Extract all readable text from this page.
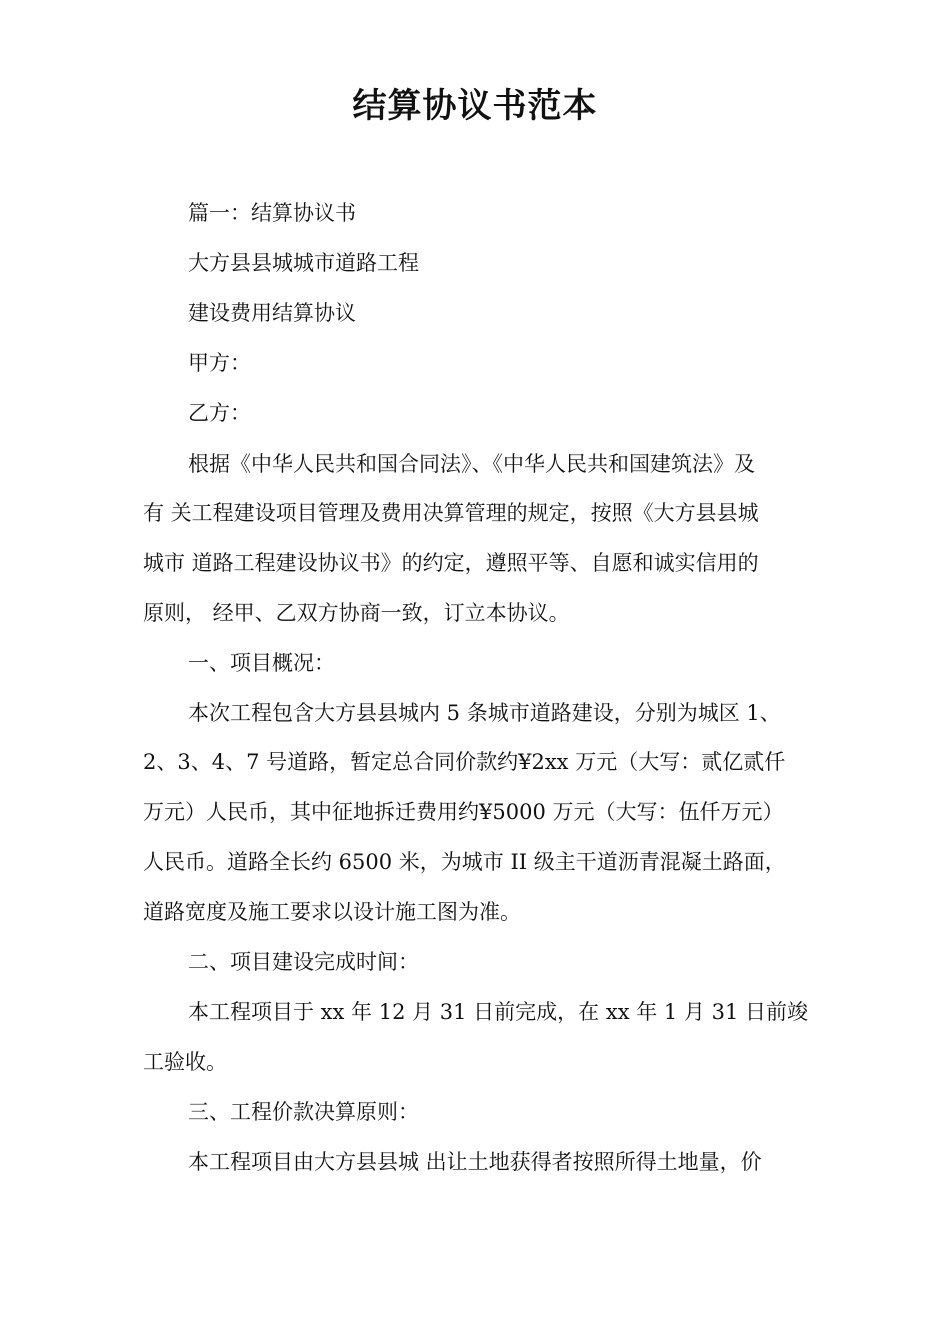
结算协议书范本
篇一：结算协议书
大方县县城城市道路工程
建设费用结算协议
甲方：
乙方：
根据《中华人民共和国合同法》、《中华人民共和国建筑法》及
有 关工程建设项目管理及费用决算管理的规定，按照《大方县县城
城市 道路工程建设协议书》的约定，遵照平等、自愿和诚实信用的
原则， 经甲、乙双方协商一致，订立本协议。
一、项目概况：
本次工程包含大方县县城内 5 条城市道路建设，分别为城区 1、
2、3、4、7 号道路，暂定总合同价款约¥2xx 万元（大写：贰亿贰仟
万元）人民币，其中征地拆迁费用约¥5000 万元（大写：伍仟万元）
人民币。道路全长约 6500 米，为城市 II 级主干道沥青混凝土路面，
道路宽度及施工要求以设计施工图为准。
二、项目建设完成时间：
本工程项目于 xx 年 12 月 31 日前完成，在 xx 年 1 月 31 日前竣
工验收。
三、工程价款决算原则：
本工程项目由大方县县城 出让土地获得者按照所得土地量，价
